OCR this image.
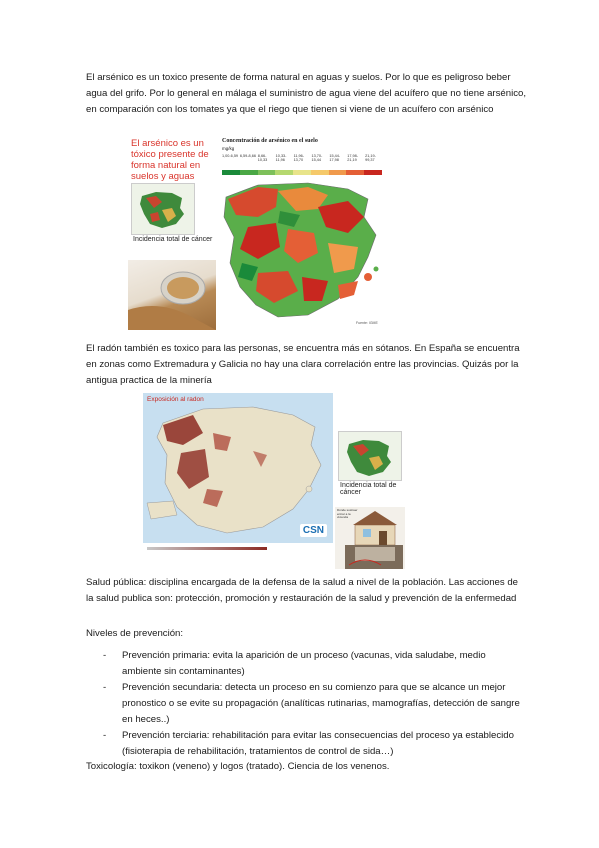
El arsénico es un toxico presente de forma natural en aguas y suelos. Por lo que es peligroso beber agua del grifo. Por lo general en málaga el suministro de agua viene del acuífero que no tiene arsénico, en comparación con los tomates ya que el riego que tienen si viene de un acuífero con arsénico

El arsénico es un tóxico presente de forma natural en suelos y aguas
Incidencia total de cáncer
Concentración de arsénico en el suelo
mg/kg
1,00-6,59 6,59-8,66 8,66-10,33
10,33-11,96
11,96-13,70
13,70-15,44
15,44-17,98
17,98-21,19
21,19-99,37
Fuente: IGME

El radón también es toxico para las personas, se encuentra más en sótanos. En España se encuentra en zonas como Extremadura y Galicia no hay una clara correlación entre las provincias. Quizás por la antigua practica de la minería

Exposición al radon
CSN
Incidencia total de cáncer
Dónde sustraer entrar a la vivienda

Salud pública: disciplina encargada de la defensa de la salud a nivel de la población. Las acciones de la salud publica son: protección, promoción y restauración de la salud y prevención de la enfermedad

Niveles de prevención:

- Prevención primaria: evita la aparición de un proceso (vacunas, vida saludabe, medio ambiente sin contaminantes)
- Prevención secundaria: detecta un proceso en su comienzo para que se alcance un mejor pronostico o se evite su propagación (analíticas rutinarias, mamografías, detección de sangre en heces..)
- Prevención terciaria: rehabilitación para evitar las consecuencias del proceso ya establecido (fisioterapia de rehabilitación, tratamientos de control de sida…)

Toxicología: toxikon (veneno) y logos (tratado). Ciencia de los venenos.
